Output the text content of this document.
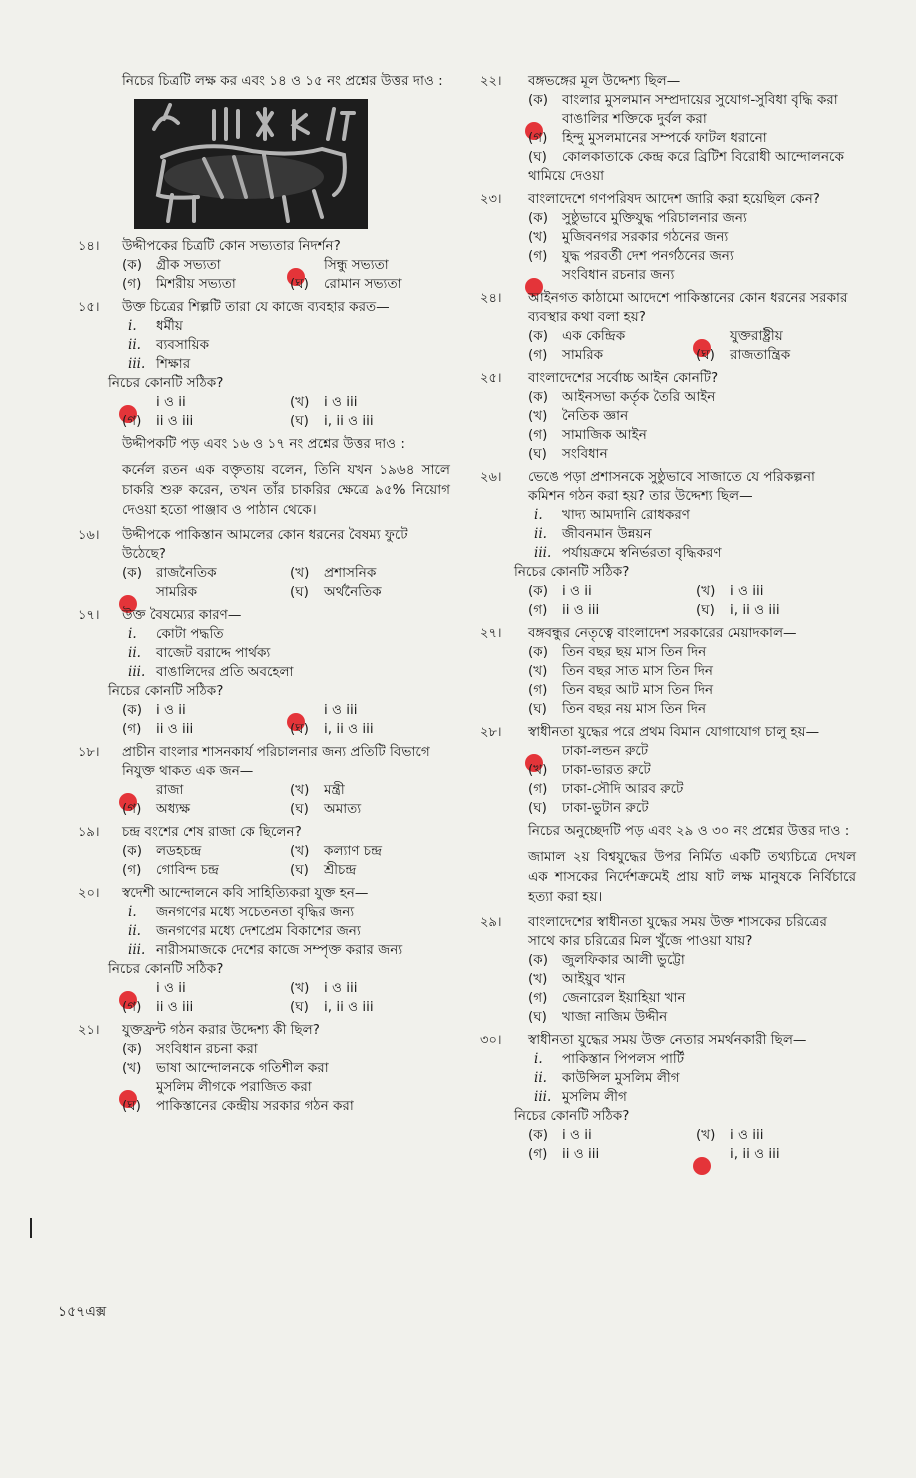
নিচের চিত্রটি লক্ষ কর এবং ১৪ ও ১৫ নং প্রশ্নের উত্তর দাও :
১৪।	উদ্দীপকের চিত্রটি কোন সভ্যতার নিদর্শন?
(ক) গ্রীক সভ্যতা	সিন্ধু সভ্যতা
(গ) মিশরীয় সভ্যতা	(ঘ) রোমান সভ্যতা
১৫।	উক্ত চিত্রের শিল্পটি তারা যে কাজে ব্যবহার করত—
i. ধর্মীয়
ii. ব্যবসায়িক
iii. শিক্ষার
নিচের কোনটি সঠিক?
i ও ii	(খ) i ও iii
(গ) ii ও iii	(ঘ) i, ii ও iii
উদ্দীপকটি পড় এবং ১৬ ও ১৭ নং প্রশ্নের উত্তর দাও :
কর্নেল রতন এক বক্তৃতায় বলেন, তিনি যখন ১৯৬৪ সালে চাকরি শুরু করেন, তখন তাঁর চাকরির ক্ষেত্রে ৯৫% নিয়োগ দেওয়া হতো পাঞ্জাব ও পাঠান থেকে।
১৬।	উদ্দীপকে পাকিস্তান আমলের কোন ধরনের বৈষম্য ফুটে উঠেছে?
(ক) রাজনৈতিক	(খ) প্রশাসনিক
সামরিক	(ঘ) অর্থনৈতিক
১৭।	উক্ত বৈষম্যের কারণ—
i. কোটা পদ্ধতি
ii. বাজেট বরাদ্দে পার্থক্য
iii. বাঙালিদের প্রতি অবহেলা
নিচের কোনটি সঠিক?
(ক) i ও ii	i ও iii
(গ) ii ও iii	(ঘ) i, ii ও iii
১৮।	প্রাচীন বাংলার শাসনকার্য পরিচালনার জন্য প্রতিটি বিভাগে নিযুক্ত থাকত এক জন—
রাজা	(খ) মন্ত্রী
(গ) অধ্যক্ষ	(ঘ) অমাত্য
১৯।	চন্দ্র বংশের শেষ রাজা কে ছিলেন?
(ক) লডহচন্দ্র	(খ) কল্যাণ চন্দ্র
(গ) গোবিন্দ চন্দ্র	(ঘ) শ্রীচন্দ্র
২০।	স্বদেশী আন্দোলনে কবি সাহিত্যিকরা যুক্ত হন—
i. জনগণের মধ্যে সচেতনতা বৃদ্ধির জন্য
ii. জনগণের মধ্যে দেশপ্রেম বিকাশের জন্য
iii. নারীসমাজকে দেশের কাজে সম্পৃক্ত করার জন্য
নিচের কোনটি সঠিক?
i ও ii	(খ) i ও iii
(গ) ii ও iii	(ঘ) i, ii ও iii
২১।	যুক্তফ্রন্ট গঠন করার উদ্দেশ্য কী ছিল?
(ক) সংবিধান রচনা করা
(খ) ভাষা আন্দোলনকে গতিশীল করা
মুসলিম লীগকে পরাজিত করা
(ঘ) পাকিস্তানের কেন্দ্রীয় সরকার গঠন করা
২২।	বঙ্গভঙ্গের মূল উদ্দেশ্য ছিল—
(ক) বাংলার মুসলমান সম্প্রদায়ের সুযোগ-সুবিধা বৃদ্ধি করা
বাঙালির শক্তিকে দুর্বল করা
(গ) হিন্দু মুসলমানের সম্পর্কে ফাটল ধরানো
(ঘ) কোলকাতাকে কেন্দ্র করে ব্রিটিশ বিরোধী আন্দোলনকে থামিয়ে দেওয়া
২৩।	বাংলাদেশে গণপরিষদ আদেশ জারি করা হয়েছিল কেন?
(ক) সুষ্ঠুভাবে মুক্তিযুদ্ধ পরিচালনার জন্য
(খ) মুজিবনগর সরকার গঠনের জন্য
(গ) যুদ্ধ পরবর্তী দেশ পনর্গঠনের জন্য
সংবিধান রচনার জন্য
২৪।	আইনগত কাঠামো আদেশে পাকিস্তানের কোন ধরনের সরকার ব্যবস্থার কথা বলা হয়?
(ক) এক কেন্দ্রিক	যুক্তরাষ্ট্রীয়
(গ) সামরিক	(ঘ) রাজতান্ত্রিক
২৫।	বাংলাদেশের সর্বোচ্চ আইন কোনটি?
(ক) আইনসভা কর্তৃক তৈরি আইন
(খ) নৈতিক জ্ঞান
(গ) সামাজিক আইন
(ঘ) সংবিধান
২৬।	ভেঙে পড়া প্রশাসনকে সুষ্ঠুভাবে সাজাতে যে পরিকল্পনা কমিশন গঠন করা হয়? তার উদ্দেশ্য ছিল—
i. খাদ্য আমদানি রোধকরণ
ii. জীবনমান উন্নয়ন
iii. পর্যায়ক্রমে স্বনির্ভরতা বৃদ্ধিকরণ
নিচের কোনটি সঠিক?
(ক) i ও ii	(খ) i ও iii
(গ) ii ও iii	(ঘ) i, ii ও iii
২৭।	বঙ্গবন্ধুর নেতৃত্বে বাংলাদেশ সরকারের মেয়াদকাল—
(ক) তিন বছর ছয় মাস তিন দিন
(খ) তিন বছর সাত মাস তিন দিন
(গ) তিন বছর আট মাস তিন দিন
(ঘ) তিন বছর নয় মাস তিন দিন
২৮।	স্বাধীনতা যুদ্ধের পরে প্রথম বিমান যোগাযোগ চালু হয়—
ঢাকা-লন্ডন রুটে
(খ) ঢাকা-ভারত রুটে
(গ) ঢাকা-সৌদি আরব রুটে
(ঘ) ঢাকা-ভুটান রুটে
নিচের অনুচ্ছেদটি পড় এবং ২৯ ও ৩০ নং প্রশ্নের উত্তর দাও :
জামাল ২য় বিশ্বযুদ্ধের উপর নির্মিত একটি তথ্যচিত্রে দেখল এক শাসকের নির্দেশক্রমেই প্রায় ষাট লক্ষ মানুষকে নির্বিচারে হত্যা করা হয়।
২৯।	বাংলাদেশের স্বাধীনতা যুদ্ধের সময় উক্ত শাসকের চরিত্রের সাথে কার চরিত্রের মিল খুঁজে পাওয়া যায়?
(ক) জুলফিকার আলী ভুট্টো
(খ) আইয়ুব খান
(গ) জেনারেল ইয়াহিয়া খান
(ঘ) খাজা নাজিম উদ্দীন
৩০।	স্বাধীনতা যুদ্ধের সময় উক্ত নেতার সমর্থনকারী ছিল—
i. পাকিস্তান পিপলস পার্টি
ii. কাউন্সিল মুসলিম লীগ
iii. মুসলিম লীগ
নিচের কোনটি সঠিক?
(ক) i ও ii	(খ) i ও iii
(গ) ii ও iii	i, ii ও iii
১৫৭এক্স
